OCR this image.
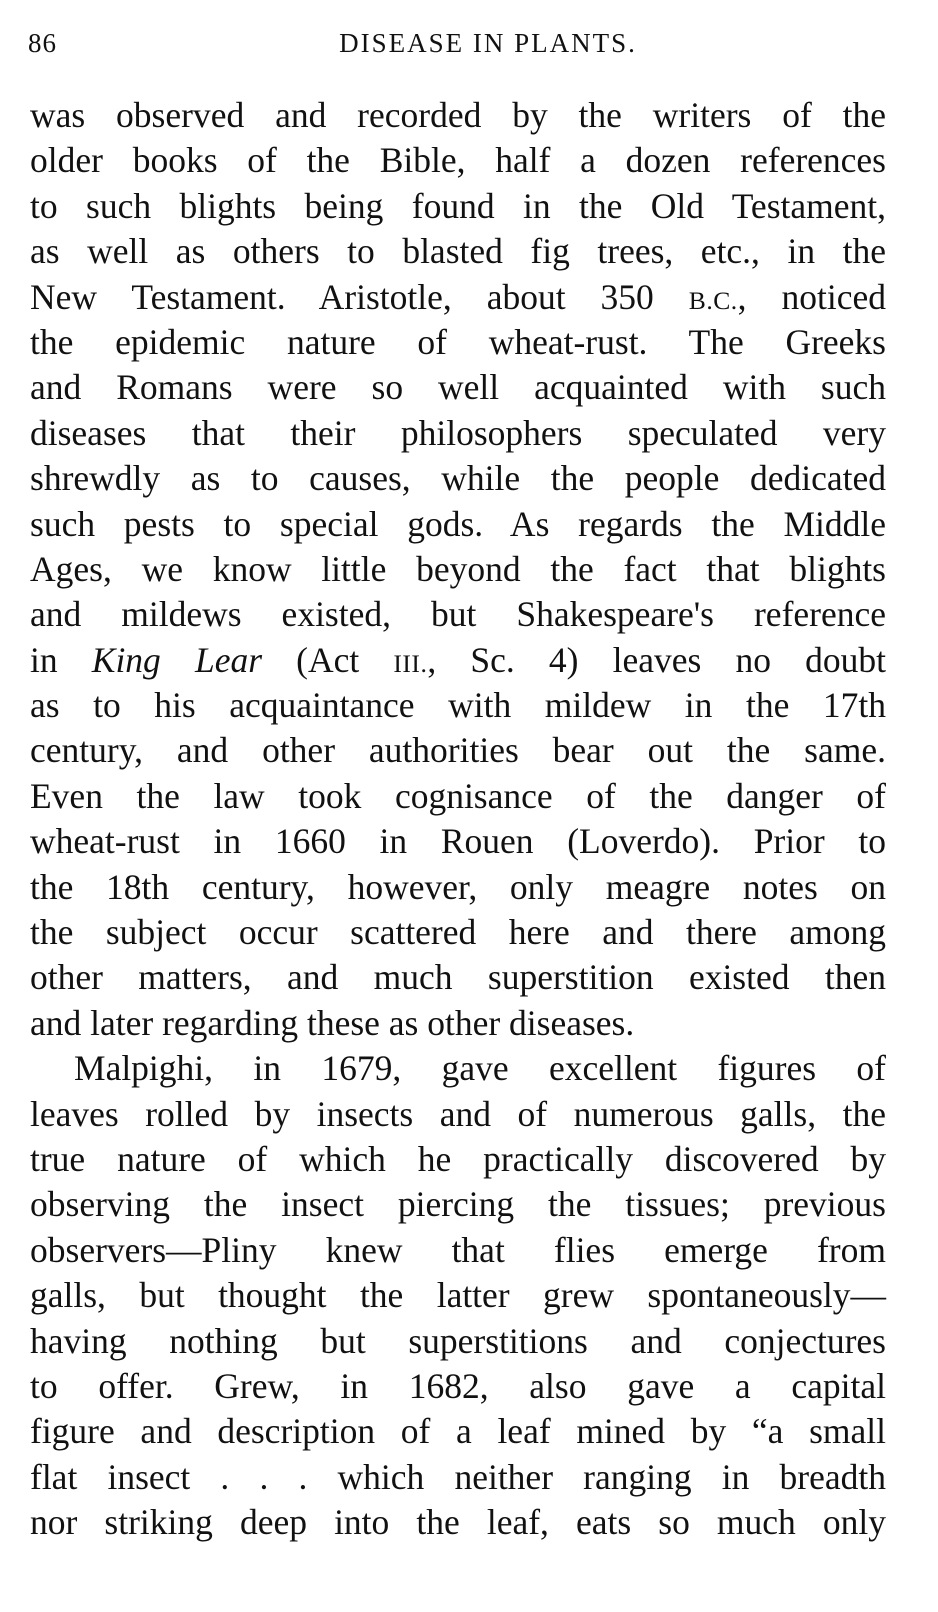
86	DISEASE IN PLANTS.
was observed and recorded by the writers of the
older books of the Bible, half a dozen references
to such blights being found in the Old Testament,
as well as others to blasted fig trees, etc., in the
New Testament. Aristotle, about 350 B.C., noticed
the epidemic nature of wheat-rust. The Greeks
and Romans were so well acquainted with such
diseases that their philosophers speculated very
shrewdly as to causes, while the people dedicated
such pests to special gods. As regards the Middle
Ages, we know little beyond the fact that blights
and mildews existed, but Shakespeare's reference
in King Lear (Act III., Sc. 4) leaves no doubt
as to his acquaintance with mildew in the 17th
century, and other authorities bear out the same.
Even the law took cognisance of the danger of
wheat-rust in 1660 in Rouen (Loverdo). Prior to
the 18th century, however, only meagre notes on
the subject occur scattered here and there among
other matters, and much superstition existed then
and later regarding these as other diseases.
Malpighi, in 1679, gave excellent figures of
leaves rolled by insects and of numerous galls, the
true nature of which he practically discovered by
observing the insect piercing the tissues; previous
observers—Pliny knew that flies emerge from
galls, but thought the latter grew spontaneously—
having nothing but superstitions and conjectures
to offer. Grew, in 1682, also gave a capital
figure and description of a leaf mined by “a small
flat insect . . . which neither ranging in breadth
nor striking deep into the leaf, eats so much only
